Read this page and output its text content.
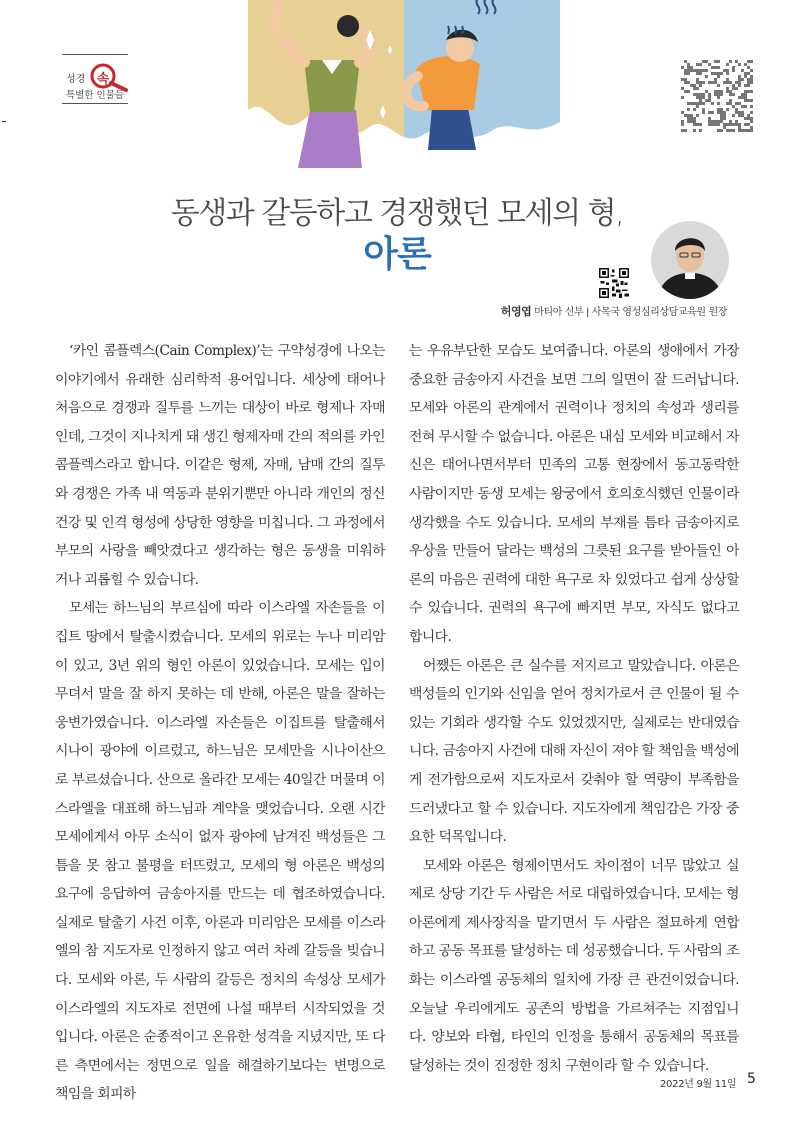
성경 속
특별한 인물들
동생과 갈등하고 경쟁했던 모세의 형,
아론
허영엽 마티아 신부 | 사목국 영성심리상담교육원 원장

‘카인 콤플렉스(Cain Complex)’는 구약성경에 나오는 이야기에서 유래한 심리학적 용어입니다. 세상에 태어나 처음으로 경쟁과 질투를 느끼는 대상이 바로 형제나 자매인데, 그것이 지나치게 돼 생긴 형제자매 간의 적의를 카인 콤플렉스라고 합니다. 이같은 형제, 자매, 남매 간의 질투와 경쟁은 가족 내 역동과 분위기뿐만 아니라 개인의 정신 건강 및 인격 형성에 상당한 영향을 미칩니다. 그 과정에서 부모의 사랑을 빼앗겼다고 생각하는 형은 동생을 미워하거나 괴롭힐 수 있습니다.

모세는 하느님의 부르심에 따라 이스라엘 자손들을 이집트 땅에서 탈출시켰습니다. 모세의 위로는 누나 미리암이 있고, 3년 위의 형인 아론이 있었습니다. 모세는 입이 무뎌서 말을 잘 하지 못하는 데 반해, 아론은 말을 잘하는 웅변가였습니다. 이스라엘 자손들은 이집트를 탈출해서 시나이 광야에 이르렀고, 하느님은 모세만을 시나이산으로 부르셨습니다. 산으로 올라간 모세는 40일간 머물며 이스라엘을 대표해 하느님과 계약을 맺었습니다. 오랜 시간 모세에게서 아무 소식이 없자 광야에 남겨진 백성들은 그 틈을 못 참고 불평을 터뜨렸고, 모세의 형 아론은 백성의 요구에 응답하여 금송아지를 만드는 데 협조하였습니다. 실제로 탈출기 사건 이후, 아론과 미리암은 모세를 이스라엘의 참 지도자로 인정하지 않고 여러 차례 갈등을 빚습니다. 모세와 아론, 두 사람의 갈등은 정치의 속성상 모세가 이스라엘의 지도자로 전면에 나설 때부터 시작되었을 것입니다. 아론은 순종적이고 온유한 성격을 지녔지만, 또 다른 측면에서는 정면으로 일을 해결하기보다는 변명으로 책임을 회피하

는 우유부단한 모습도 보여줍니다. 아론의 생애에서 가장 중요한 금송아지 사건을 보면 그의 일면이 잘 드러납니다. 모세와 아론의 관계에서 권력이나 정치의 속성과 생리를 전혀 무시할 수 없습니다. 아론은 내심 모세와 비교해서 자신은 태어나면서부터 민족의 고통 현장에서 동고동락한 사람이지만 동생 모세는 왕궁에서 호의호식했던 인물이라 생각했을 수도 있습니다. 모세의 부재를 틈타 금송아지로 우상을 만들어 달라는 백성의 그릇된 요구를 받아들인 아론의 마음은 권력에 대한 욕구로 차 있었다고 쉽게 상상할 수 있습니다. 권력의 욕구에 빠지면 부모, 자식도 없다고 합니다.

어쨌든 아론은 큰 실수를 저지르고 말았습니다. 아론은 백성들의 인기와 신임을 얻어 정치가로서 큰 인물이 될 수 있는 기회라 생각할 수도 있었겠지만, 실제로는 반대였습니다. 금송아지 사건에 대해 자신이 져야 할 책임을 백성에게 전가함으로써 지도자로서 갖춰야 할 역량이 부족함을 드러냈다고 할 수 있습니다. 지도자에게 책임감은 가장 중요한 덕목입니다.

모세와 아론은 형제이면서도 차이점이 너무 많았고 실제로 상당 기간 두 사람은 서로 대립하였습니다. 모세는 형 아론에게 제사장직을 맡기면서 두 사람은 절묘하게 연합하고 공동 목표를 달성하는 데 성공했습니다. 두 사람의 조화는 이스라엘 공동체의 일치에 가장 큰 관건이었습니다. 오늘날 우리에게도 공존의 방법을 가르쳐주는 지점입니다. 양보와 타협, 타인의 인정을 통해서 공동체의 목표를 달성하는 것이 진정한 정치 구현이라 할 수 있습니다.

2022년 9월 11일 5
